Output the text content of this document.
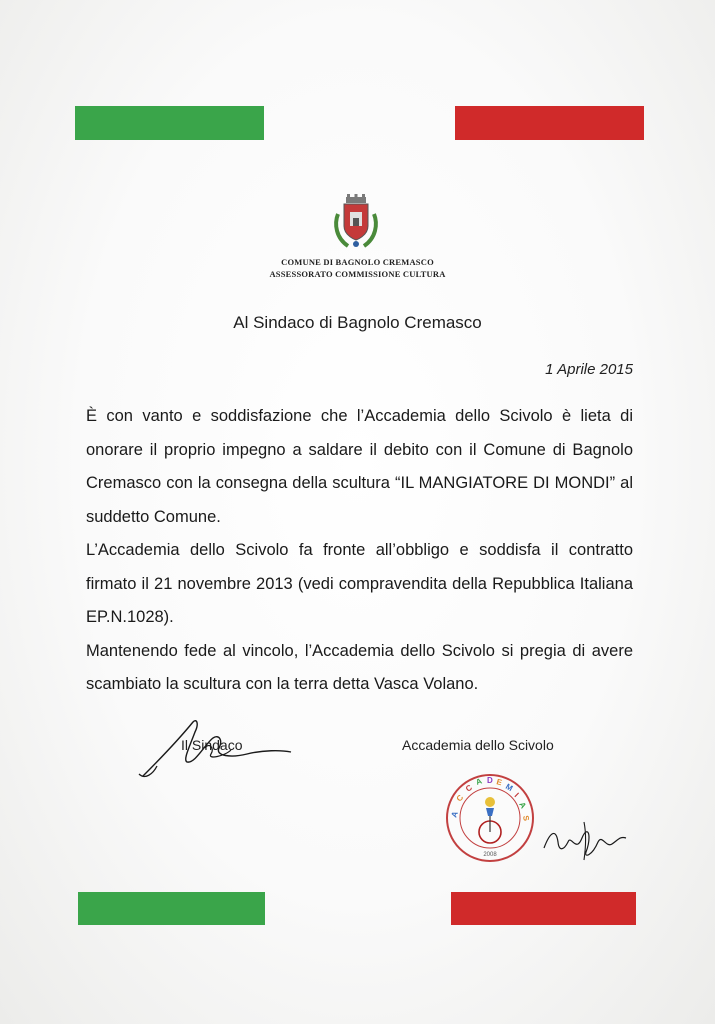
COMUNE DI BAGNOLO CREMASCO
ASSESSORATO COMMISSIONE CULTURA
Al Sindaco di Bagnolo Cremasco
1 Aprile 2015

È con vanto e soddisfazione che l’Accademia dello Scivolo è lieta di onorare il proprio impegno a saldare il debito con il Comune di Bagnolo Cremasco con la consegna della scultura “IL MANGIATORE DI MONDI” al suddetto Comune.

L’Accademia dello Scivolo fa fronte all’obbligo e soddisfa il contratto firmato il 21 novembre 2013 (vedi compravendita della Repubblica Italiana EP.N.1028).

Mantenendo fede al vincolo, l’Accademia dello Scivolo si pregia di avere scambiato la scultura con la terra detta Vasca Volano.

Il Sindaco	Accademia dello Scivolo
A
C
C
A D E M
I
A
S
2008
